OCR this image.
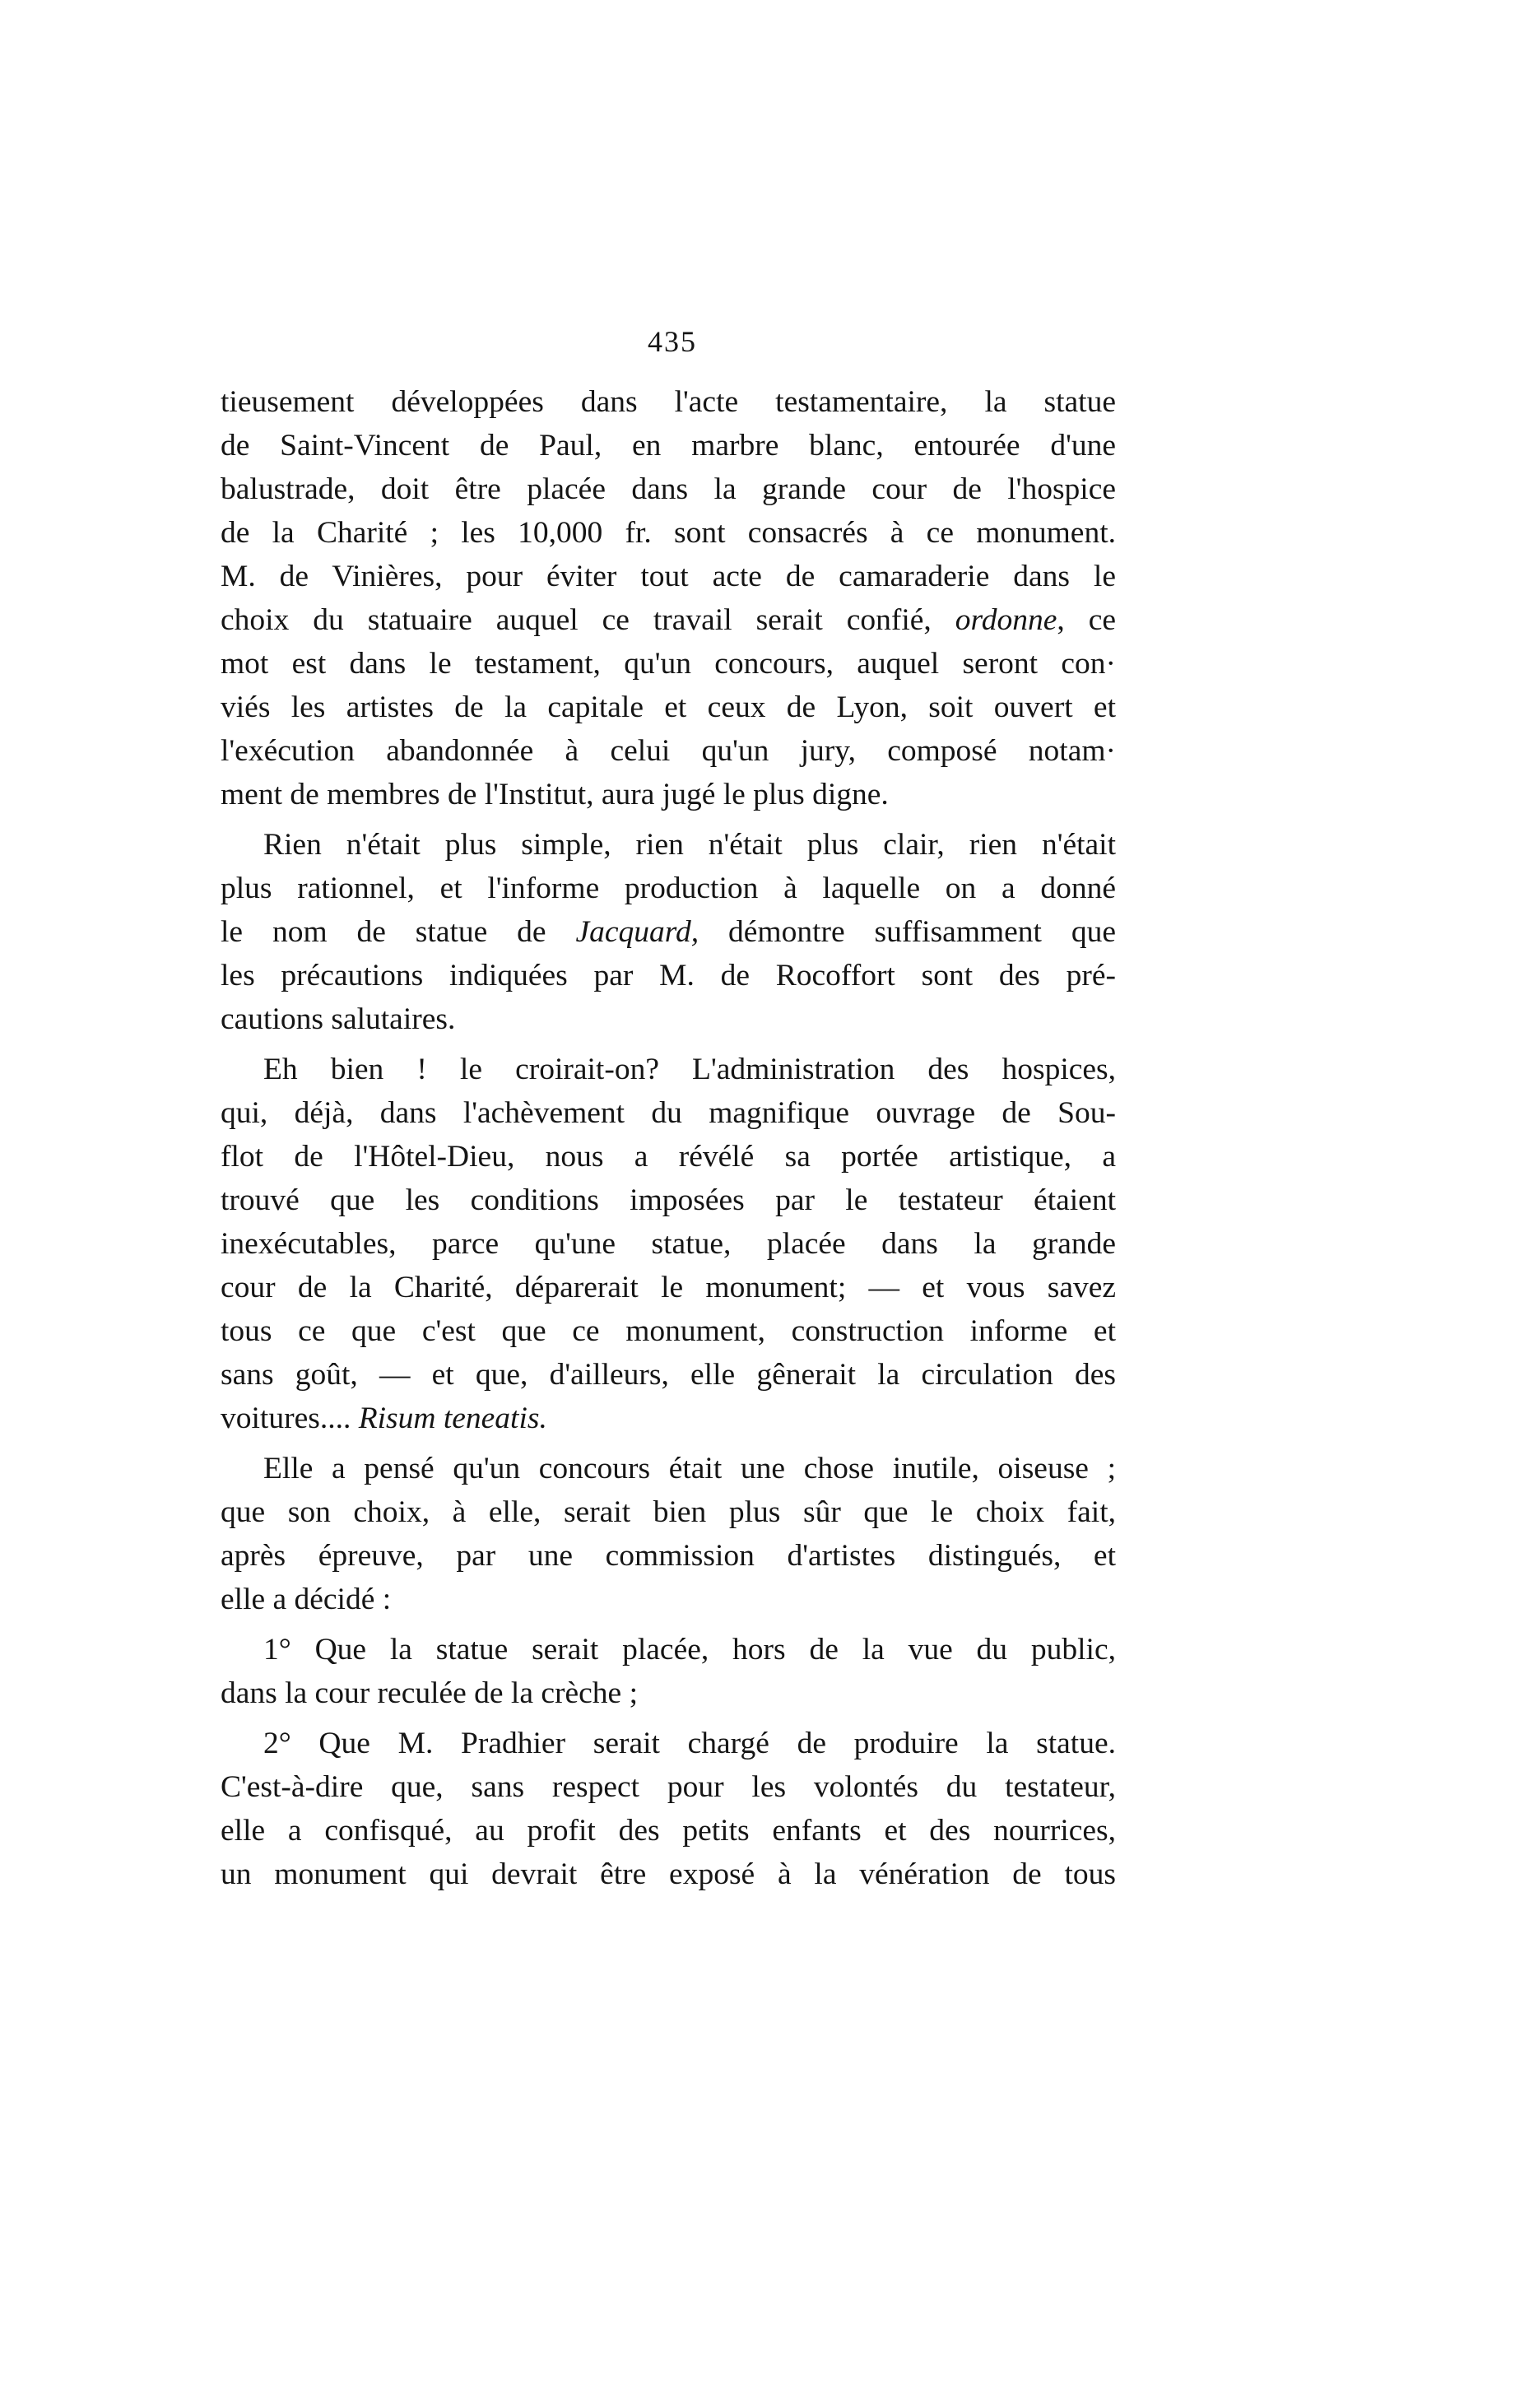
435
tieusement développées dans l'acte testamentaire, la statue
de Saint-Vincent de Paul, en marbre blanc, entourée d'une
balustrade, doit être placée dans la grande cour de l'hospice
de la Charité ; les 10,000 fr. sont consacrés à ce monument.
M. de Vinières, pour éviter tout acte de camaraderie dans le
choix du statuaire auquel ce travail serait confié, ordonne, ce
mot est dans le testament, qu'un concours, auquel seront con·
viés les artistes de la capitale et ceux de Lyon, soit ouvert et
l'exécution abandonnée à celui qu'un jury, composé notam·
ment de membres de l'Institut, aura jugé le plus digne.
Rien n'était plus simple, rien n'était plus clair, rien n'était
plus rationnel, et l'informe production à laquelle on a donné
le nom de statue de Jacquard, démontre suffisamment que
les précautions indiquées par M. de Rocoffort sont des pré-
cautions salutaires.
Eh bien ! le croirait-on? L'administration des hospices,
qui, déjà, dans l'achèvement du magnifique ouvrage de Sou-
flot de l'Hôtel-Dieu, nous a révélé sa portée artistique, a
trouvé que les conditions imposées par le testateur étaient
inexécutables, parce qu'une statue, placée dans la grande
cour de la Charité, déparerait le monument; — et vous savez
tous ce que c'est que ce monument, construction informe et
sans goût, — et que, d'ailleurs, elle gênerait la circulation des
voitures.... Risum teneatis.
Elle a pensé qu'un concours était une chose inutile, oiseuse ;
que son choix, à elle, serait bien plus sûr que le choix fait,
après épreuve, par une commission d'artistes distingués, et
elle a décidé :
1° Que la statue serait placée, hors de la vue du public,
dans la cour reculée de la crèche ;
2° Que M. Pradhier serait chargé de produire la statue.
C'est-à-dire que, sans respect pour les volontés du testateur,
elle a confisqué, au profit des petits enfants et des nourrices,
un monument qui devrait être exposé à la vénération de tous
